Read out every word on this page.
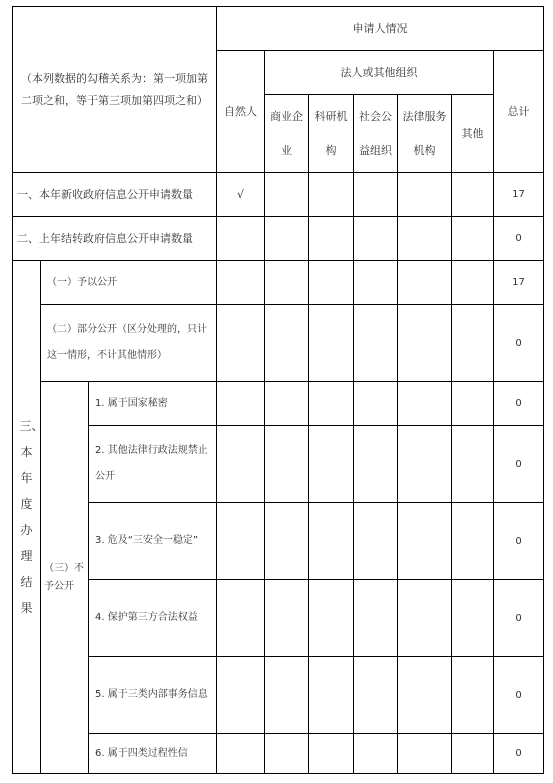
（本列数据的勾稽关系为：第一项加第二项之和，等于第三项加第四项之和）			申请人情况						
			自然人	法人或其他组织					总计
				商业企业	科研机构	社会公益组织	法律服务机构	其他	
一、本年新收政府信息公开申请数量			√						17
二、上年结转政府信息公开申请数量									0

三、本年度办理结果	（一）予以公开								17
	（二）部分公开（区分处理的，只计这一情形，不计其他情形）								0

	（三）不予公开	1. 属于国家秘密							0
		2. 其他法律行政法规禁止公开							0
		3. 危及“三安全一稳定”							0
		4. 保护第三方合法权益							0
		5. 属于三类内部事务信息							0
		6. 属于四类过程性信							0
